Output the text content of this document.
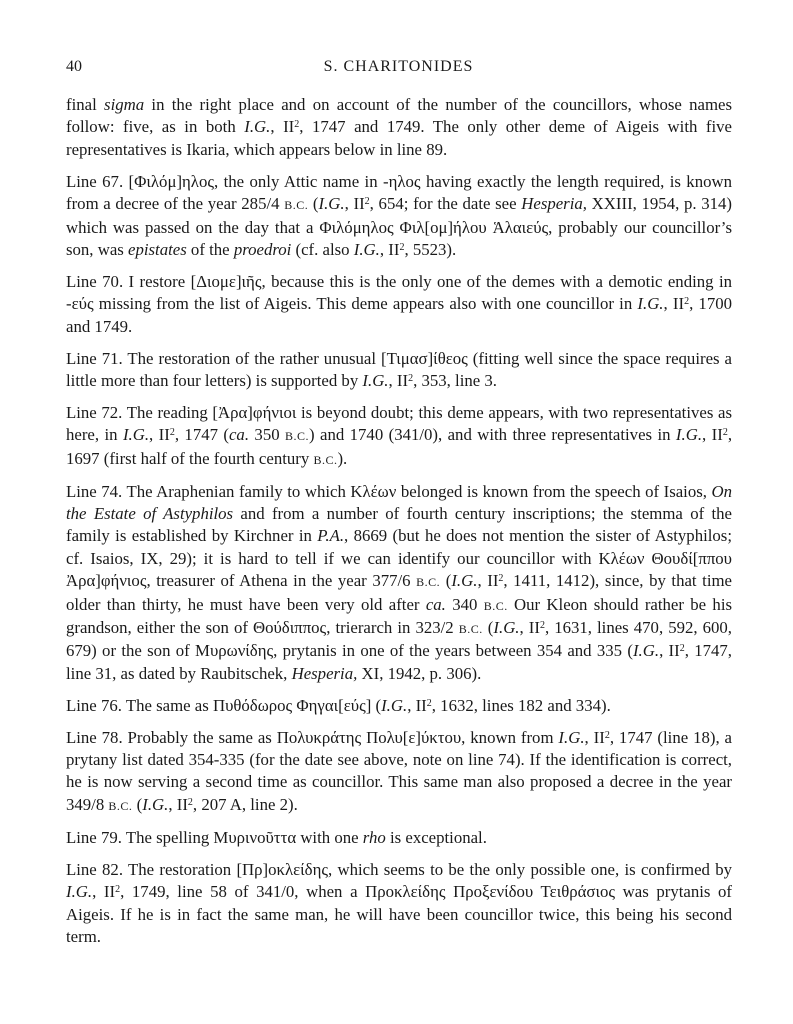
40	S. CHARITONIDES

final sigma in the right place and on account of the number of the councillors, whose names follow: five, as in both I.G., $II^2$, 1747 and 1749. The only other deme of Aigeis with five representatives is Ikaria, which appears below in line 89.

Line 67. [Φιλόμ]ηλος, the only Attic name in -ηλος having exactly the length required, is known from a decree of the year 285/4 B.C. (I.G., $II^2$, 654; for the date see Hesperia, XXIII, 1954, p. 314) which was passed on the day that a Φιλόμηλος Φιλ[ομ]ήλου Ἁλαιεύς, probably our councillor’s son, was epistates of the proedroi (cf. also I.G., $II^2$, 5523).

Line 70. I restore [Διομε]ιῆς, because this is the only one of the demes with a demotic ending in -εύς missing from the list of Aigeis. This deme appears also with one councillor in I.G., $II^2$, 1700 and 1749.

Line 71. The restoration of the rather unusual [Τιμασ]ίθεος (fitting well since the space requires a little more than four letters) is supported by I.G., $II^2$, 353, line 3.

Line 72. The reading [Ἀρα]φήνιοι is beyond doubt; this deme appears, with two representatives as here, in I.G., $II^2$, 1747 (ca. 350 B.C.) and 1740 (341/0), and with three representatives in I.G., $II^2$, 1697 (first half of the fourth century B.C.).

Line 74. The Araphenian family to which Κλέων belonged is known from the speech of Isaios, On the Estate of Astyphilos and from a number of fourth century inscriptions; the stemma of the family is established by Kirchner in P.A., 8669 (but he does not mention the sister of Astyphilos; cf. Isaios, IX, 29); it is hard to tell if we can identify our councillor with Κλέων Θουδί[ππου Ἀρα]φήνιος, treasurer of Athena in the year 377/6 B.C. (I.G., $II^2$, 1411, 1412), since, by that time older than thirty, he must have been very old after ca. 340 B.C. Our Kleon should rather be his grandson, either the son of Θούδιππος, trierarch in 323/2 B.C. (I.G., $II^2$, 1631, lines 470, 592, 600, 679) or the son of Μυρωνίδης, prytanis in one of the years between 354 and 335 (I.G., $II^2$, 1747, line 31, as dated by Raubitschek, Hesperia, XI, 1942, p. 306).

Line 76. The same as Πυθόδωρος Φηγαι[εύς] (I.G., $II^2$, 1632, lines 182 and 334).

Line 78. Probably the same as Πολυκράτης Πολυ[ε]ύκτου, known from I.G., $II^2$, 1747 (line 18), a prytany list dated 354-335 (for the date see above, note on line 74). If the identification is correct, he is now serving a second time as councillor. This same man also proposed a decree in the year 349/8 B.C. (I.G., $II^2$, 207 A, line 2).

Line 79. The spelling Μυρινοῦττα with one rho is exceptional.

Line 82. The restoration [Πρ]οκλείδης, which seems to be the only possible one, is confirmed by I.G., $II^2$, 1749, line 58 of 341/0, when a Προκλείδης Προξενίδου Τειθράσιος was prytanis of Aigeis. If he is in fact the same man, he will have been councillor twice, this being his second term.
